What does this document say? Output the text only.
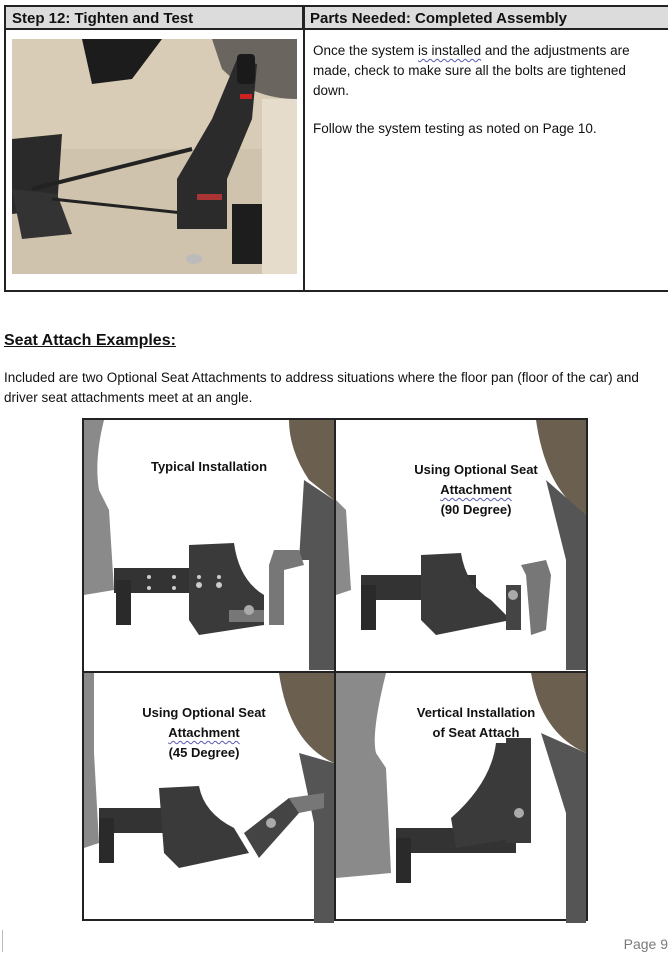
Step 12: Tighten and Test	Parts Needed: Completed Assembly

Once the system is installed and the adjustments are made, check to make sure all the bolts are tightened down.

Follow the system testing as noted on Page 10.

Seat Attach Examples:
Included are two Optional Seat Attachments to address situations where the floor pan (floor of the car) and driver seat attachments meet at an angle.
Typical Installation	Using Optional Seat
Attachment
(90 Degree)
Using Optional Seat
Attachment
(45 Degree)
Vertical Installation
of Seat Attach
Page 9
